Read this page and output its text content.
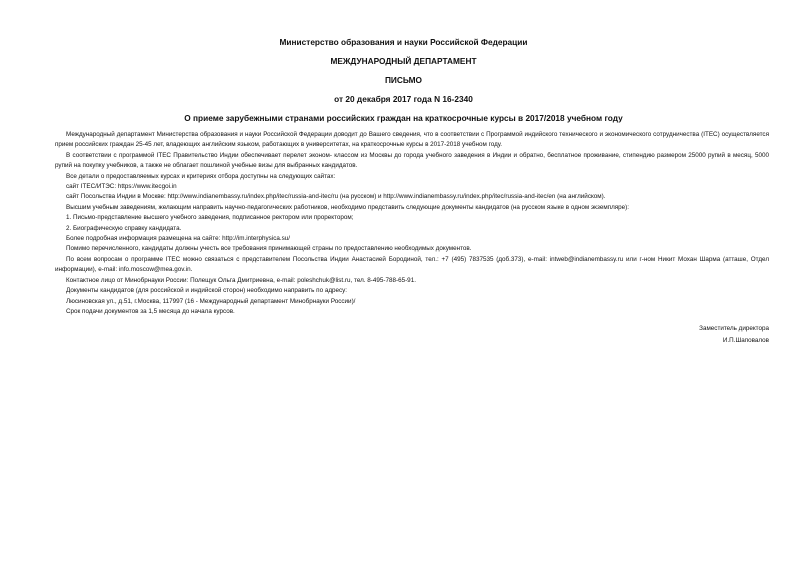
Министерство образования и науки Российской Федерации
МЕЖДУНАРОДНЫЙ ДЕПАРТАМЕНТ
ПИСЬМО
от 20 декабря 2017 года N 16-2340
О приеме зарубежными странами российских граждан на краткосрочные курсы в 2017/2018 учебном году

Международный департамент Министерства образования и науки Российской Федерации доводит до Вашего сведения, что в соответствии с Программой индийского технического и экономического сотрудничества (ITEC) осуществляется прием российских граждан 25-45 лет, владеющих английским языком, работающих в университетах, на краткосрочные курсы в 2017-2018 учебном году.

В соответствии с программой ITEC Правительство Индии обеспечивает перелет эконом- классом из Москвы до города учебного заведения в Индии и обратно, бесплатное проживание, стипендию размером 25000 рупий в месяц, 5000 рупий на покупку учебников, а также не облагает пошлиной учебные визы для выбранных кандидатов.

Все детали о предоставляемых курсах и критериях отбора доступны на следующих сайтах:

сайт ITEC/ИТЭС: https://www.itecgoi.in

сайт Посольства Индии в Москве: http://www.indianembassy.ru/index.php/itec/russia-and-itec/ru (на русском) и http://www.indianembassy.ru/index.php/itec/russia-and-itec/en (на английском).

Высшим учебным заведениям, желающим направить научно-педагогических работников, необходимо представить следующие документы кандидатов (на русском языке в одном экземпляре):

1. Письмо-представление высшего учебного заведения, подписанное ректором или проректором;

2. Биографическую справку кандидата.

Более подробная информация размещена на сайте: http://im.interphysica.su/

Помимо перечисленного, кандидаты должны учесть все требования принимающей страны по предоставлению необходимых документов.

По всем вопросам о программе ITEC можно связаться с представителем Посольства Индии Анастасией Бородиной, тел.: +7 (495) 7837535 (доб.373), e-mail: intweb@indianembassy.ru или г-ном Никит Мохан Шарма (атташе, Отдел информации), e-mail: info.moscow@mea.gov.in.

Контактное лицо от Минобрнауки России: Полещук Ольга Дмитриевна, e-mail: poleshchuk@list.ru, тел. 8-495-788-65-91.

Документы кандидатов (для российской и индийской сторон) необходимо направить по адресу:

Люсиновская ул., д.51, г.Москва, 117997 (16 - Международный департамент Минобрнауки России)/

Срок подачи документов за 1,5 месяца до начала курсов.

Заместитель директора
И.П.Шаповалов
